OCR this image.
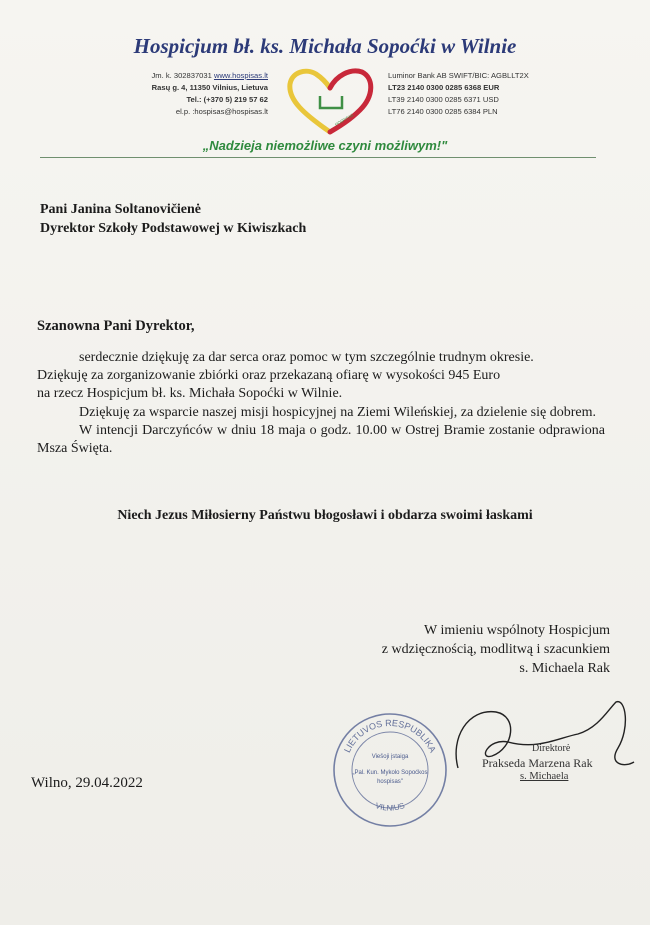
Hospicjum bł. ks. Michała Sopoćki w Wilnie
Jm. k. 302837031 www.hospisas.lt
Rasų g. 4, 11350 Vilnius, Lietuva
Tel.: (+370 5) 219 57 62
el.p. :hospisas@hospisas.lt
HOSPISAS
Luminor Bank AB SWIFT/BIC: AGBLLT2X
LT23 2140 0300 0285 6368 EUR
LT39 2140 0300 0285 6371 USD
LT76 2140 0300 0285 6384 PLN
„Nadzieja niemożliwe czyni możliwym!"
Pani Janina Soltanovičienė
Dyrektor Szkoły Podstawowej w Kiwiszkach
Szanowna Pani Dyrektor,

serdecznie dziękuję za dar serca oraz pomoc w tym szczególnie trudnym okresie.

Dziękuję za zorganizowanie zbiórki oraz przekazaną ofiarę w wysokości 945 Euro

na rzecz Hospicjum bł. ks. Michała Sopoćki w Wilnie.

Dziękuję za wsparcie naszej misji hospicyjnej na Ziemi Wileńskiej, za dzielenie się dobrem.

W intencji Darczyńców w dniu 18 maja o godz. 10.00 w Ostrej Bramie zostanie odprawiona Msza Święta.

Niech Jezus Miłosierny Państwu błogosławi i obdarza swoimi łaskami
W imieniu wspólnoty Hospicjum
z wdzięcznością, modlitwą i szacunkiem
s. Michaela Rak
LIETUVOS RESPUBLIKA
VILNIUS
Viešoji įstaiga
„Pal. Kun. Mykolo Sopoćkos
hospisas"
Direktorė
Prakseda Marzena Rak
s. Michaela
Wilno, 29.04.2022
